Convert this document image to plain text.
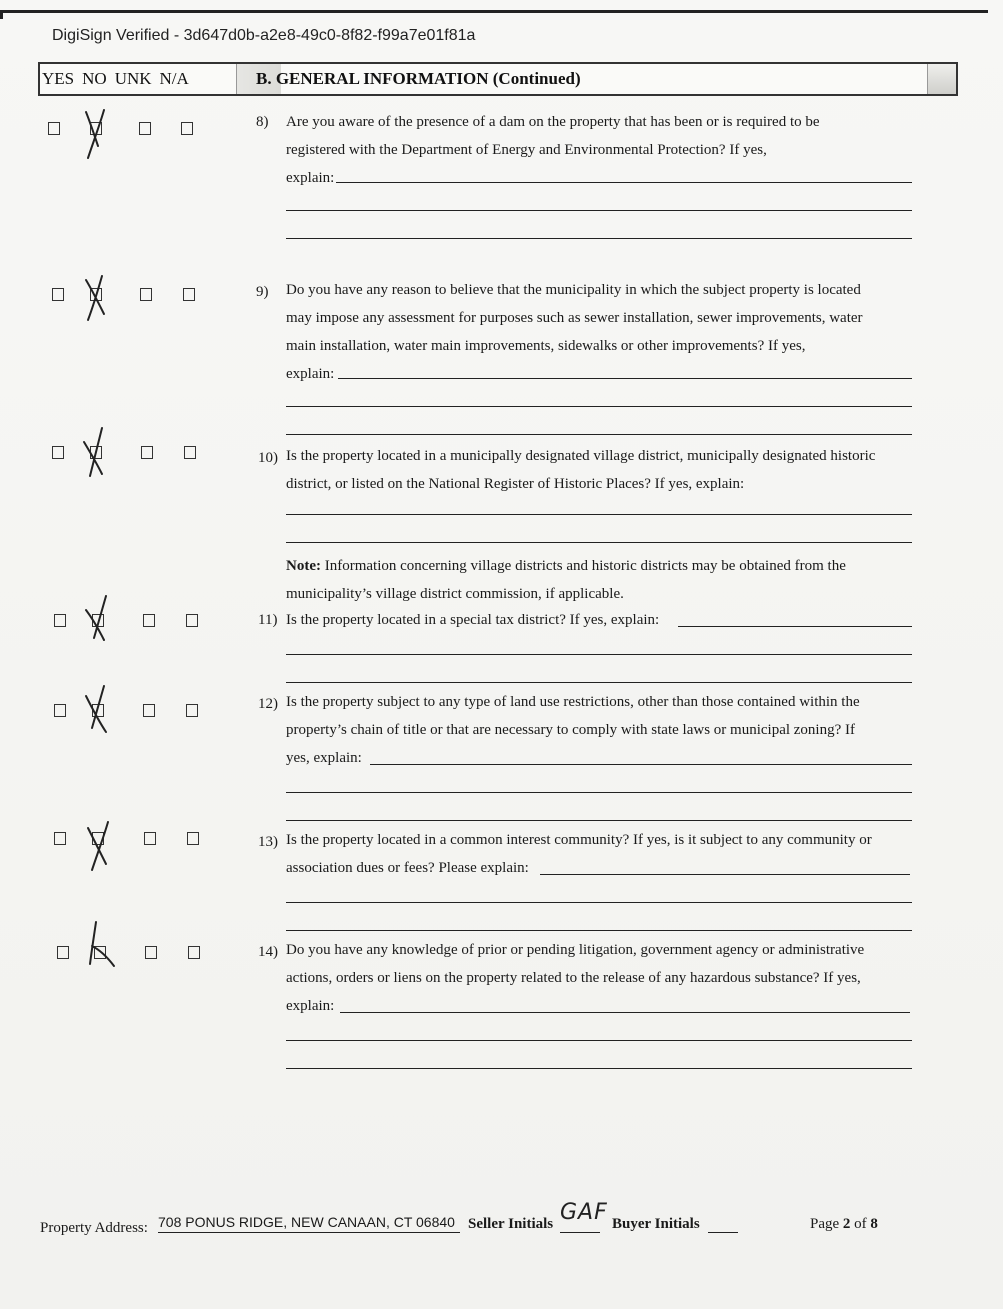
DigiSign Verified - 3d647d0b-a2e8-49c0-8f82-f99a7e01f81a
YES NO UNK N/A	B. GENERAL INFORMATION (Continued)
8) Are you aware of the presence of a dam on the property that has been or is required to be
registered with the Department of Energy and Environmental Protection? If yes,
explain:
9) Do you have any reason to believe that the municipality in which the subject property is located
may impose any assessment for purposes such as sewer installation, sewer improvements, water
main installation, water main improvements, sidewalks or other improvements? If yes,
explain:
10) Is the property located in a municipally designated village district, municipally designated historic
district, or listed on the National Register of Historic Places? If yes, explain:
Note: Information concerning village districts and historic districts may be obtained from the
municipality’s village district commission, if applicable.
11) Is the property located in a special tax district? If yes, explain:
12) Is the property subject to any type of land use restrictions, other than those contained within the
property’s chain of title or that are necessary to comply with state laws or municipal zoning? If
yes, explain:
13) Is the property located in a common interest community? If yes, is it subject to any community or
association dues or fees? Please explain:
14) Do you have any knowledge of prior or pending litigation, government agency or administrative
actions, orders or liens on the property related to the release of any hazardous substance? If yes,
explain:
Property Address: 708 PONUS RIDGE, NEW CANAAN, CT 06840 Seller Initials GAF Buyer Initials	Page 2 of 8
